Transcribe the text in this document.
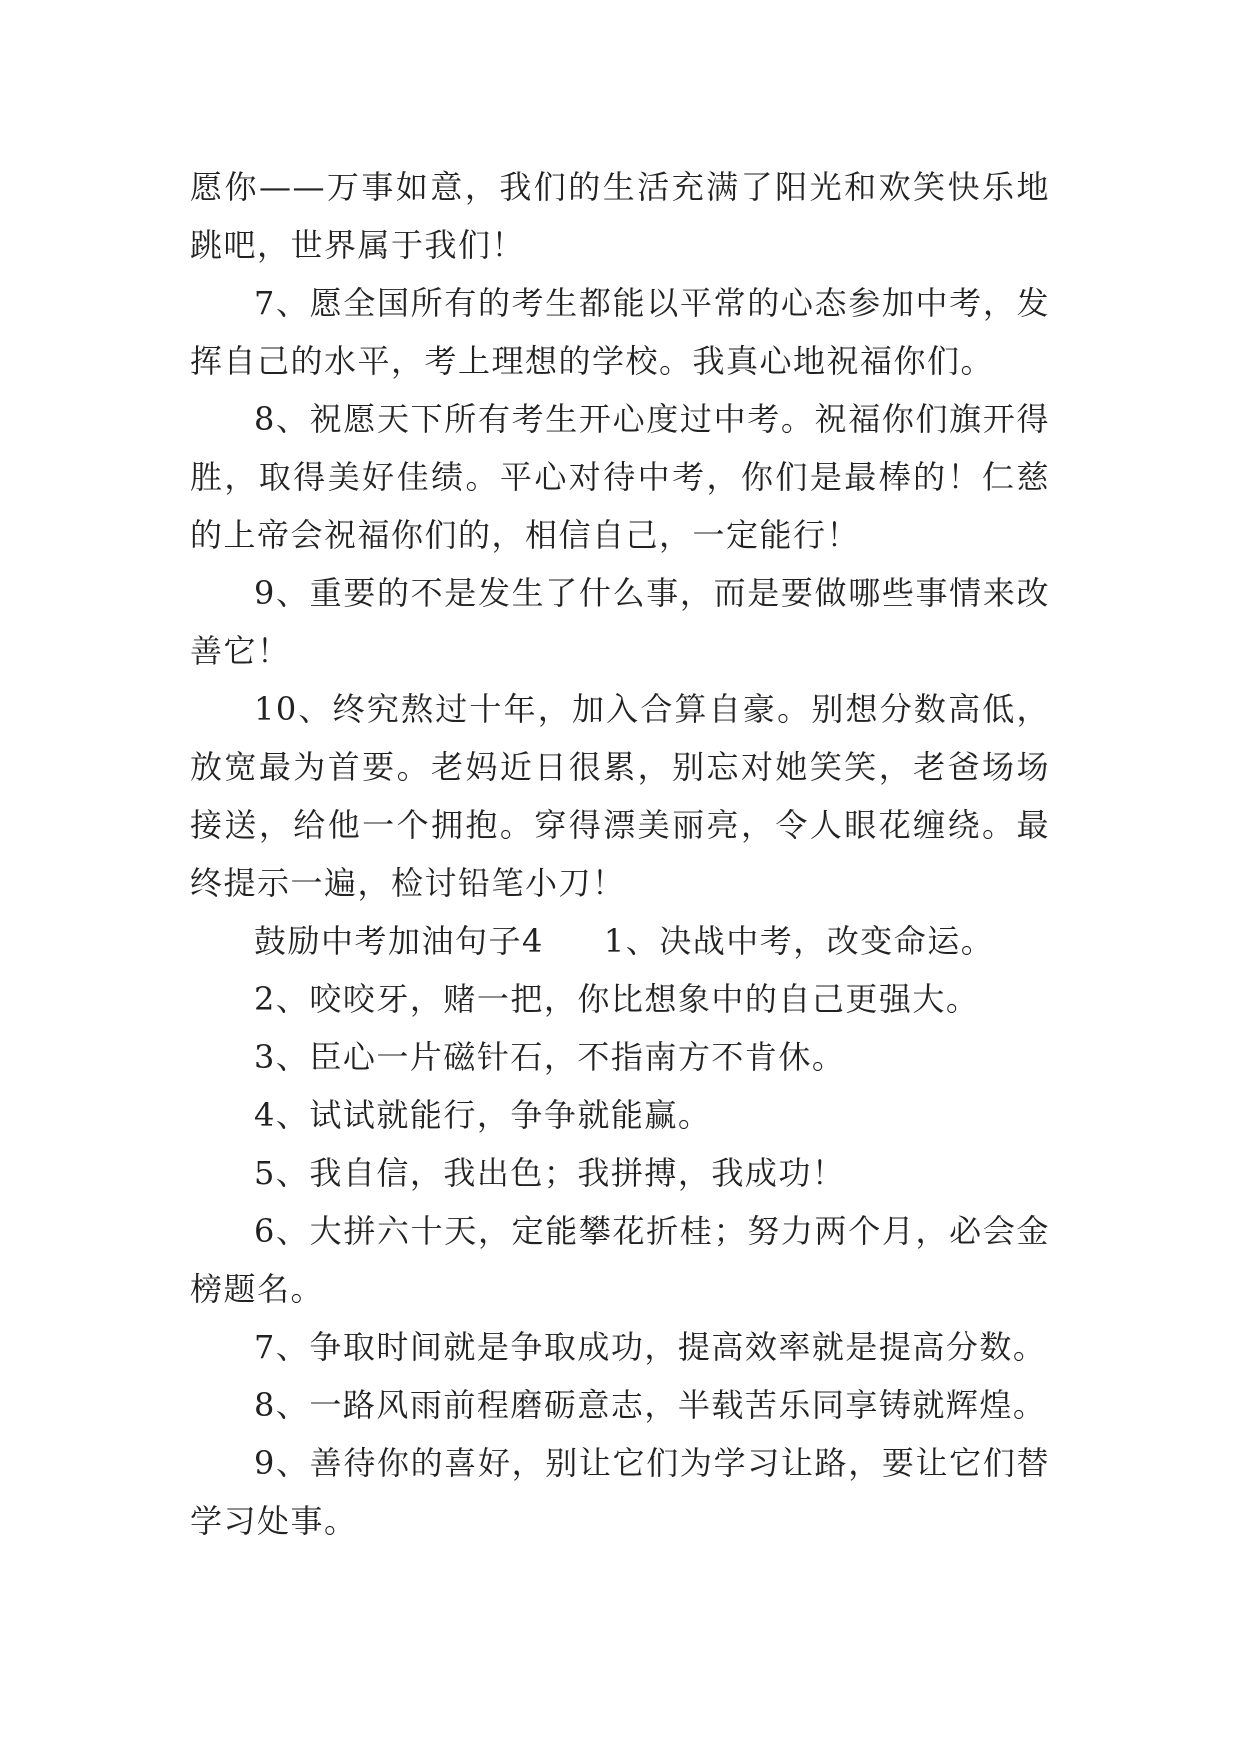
愿你——万事如意，我们的生活充满了阳光和欢笑快乐地跳吧，世界属于我们！

7、愿全国所有的考生都能以平常的心态参加中考，发挥自己的水平，考上理想的学校。我真心地祝福你们。

8、祝愿天下所有考生开心度过中考。祝福你们旗开得胜，取得美好佳绩。平心对待中考，你们是最棒的！仁慈的上帝会祝福你们的，相信自己，一定能行！

9、重要的不是发生了什么事，而是要做哪些事情来改善它！

10、终究熬过十年，加入合算自豪。别想分数高低，放宽最为首要。老妈近日很累，别忘对她笑笑，老爸场场接送，给他一个拥抱。穿得漂美丽亮，令人眼花缠绕。最终提示一遍，检讨铅笔小刀！

鼓励中考加油句子4 1、决战中考，改变命运。

2、咬咬牙，赌一把，你比想象中的自己更强大。

3、臣心一片磁针石，不指南方不肯休。

4、试试就能行，争争就能赢。

5、我自信，我出色；我拼搏，我成功！

6、大拼六十天，定能攀花折桂；努力两个月，必会金榜题名。

7、争取时间就是争取成功，提高效率就是提高分数。

8、一路风雨前程磨砺意志，半载苦乐同享铸就辉煌。

9、善待你的喜好，别让它们为学习让路，要让它们替学习处事。
